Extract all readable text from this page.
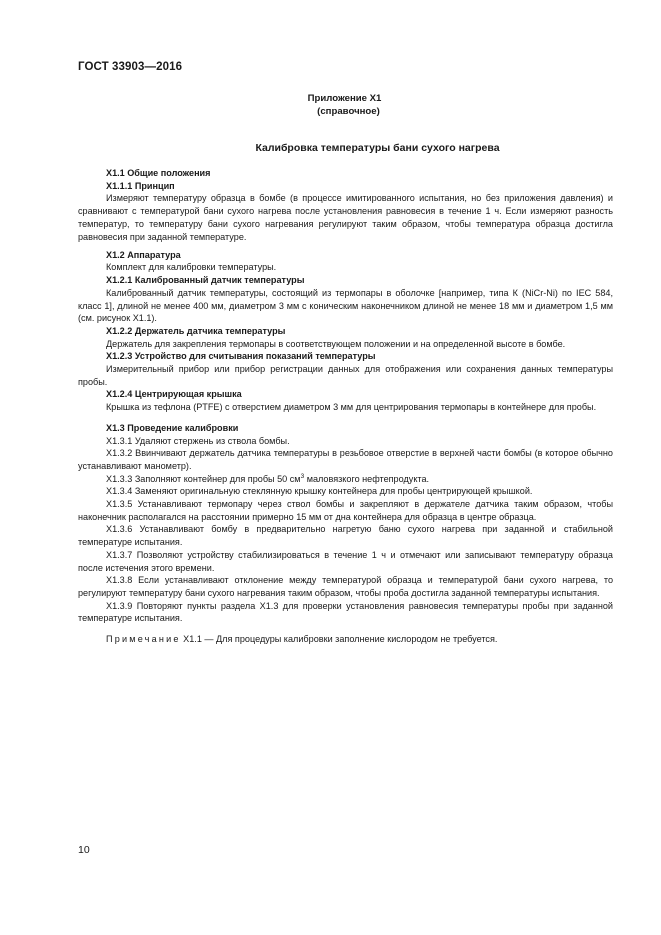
ГОСТ 33903—2016
Приложение X1
(справочное)
Калибровка температуры бани сухого нагрева

X1.1 Общие положения

X1.1.1 Принцип

Измеряют температуру образца в бомбе (в процессе имитированного испытания, но без приложения давления) и сравнивают с температурой бани сухого нагрева после установления равновесия в течение 1 ч. Если измеряют разность температур, то температуру бани сухого нагревания регулируют таким образом, чтобы температура образца достигла равновесия при заданной температуре.

X1.2 Аппаратура

Комплект для калибровки температуры.

X1.2.1 Калиброванный датчик температуры

Калиброванный датчик температуры, состоящий из термопары в оболочке [например, типа К (NiCr-Ni) по IEC 584, класс 1], длиной не менее 400 мм, диаметром 3 мм с коническим наконечником длиной не менее 18 мм и диаметром 1,5 мм (см. рисунок X1.1).

X1.2.2 Держатель датчика температуры

Держатель для закрепления термопары в соответствующем положении и на определенной высоте в бомбе.

X1.2.3 Устройство для считывания показаний температуры

Измерительный прибор или прибор регистрации данных для отображения или сохранения данных температуры пробы.

X1.2.4 Центрирующая крышка

Крышка из тефлона (PTFE) с отверстием диаметром 3 мм для центрирования термопары в контейнере для пробы.

X1.3 Проведение калибровки

X1.3.1 Удаляют стержень из ствола бомбы.

X1.3.2 Ввинчивают держатель датчика температуры в резьбовое отверстие в верхней части бомбы (в которое обычно устанавливают манометр).

X1.3.3 Заполняют контейнер для пробы 50 $см^3$ маловязкого нефтепродукта.

X1.3.4 Заменяют оригинальную стеклянную крышку контейнера для пробы центрирующей крышкой.

X1.3.5 Устанавливают термопару через ствол бомбы и закрепляют в держателе датчика таким образом, чтобы наконечник располагался на расстоянии примерно 15 мм от дна контейнера для образца в центре образца.

X1.3.6 Устанавливают бомбу в предварительно нагретую баню сухого нагрева при заданной и стабильной температуре испытания.

X1.3.7 Позволяют устройству стабилизироваться в течение 1 ч и отмечают или записывают температуру образца после истечения этого времени.

X1.3.8 Если устанавливают отклонение между температурой образца и температурой бани сухого нагрева, то регулируют температуру бани сухого нагревания таким образом, чтобы проба достигла заданной температуры испытания.

X1.3.9 Повторяют пункты раздела X1.3 для проверки установления равновесия температуры пробы при заданной температуре испытания.

Примечание X1.1 — Для процедуры калибровки заполнение кислородом не требуется.

10
